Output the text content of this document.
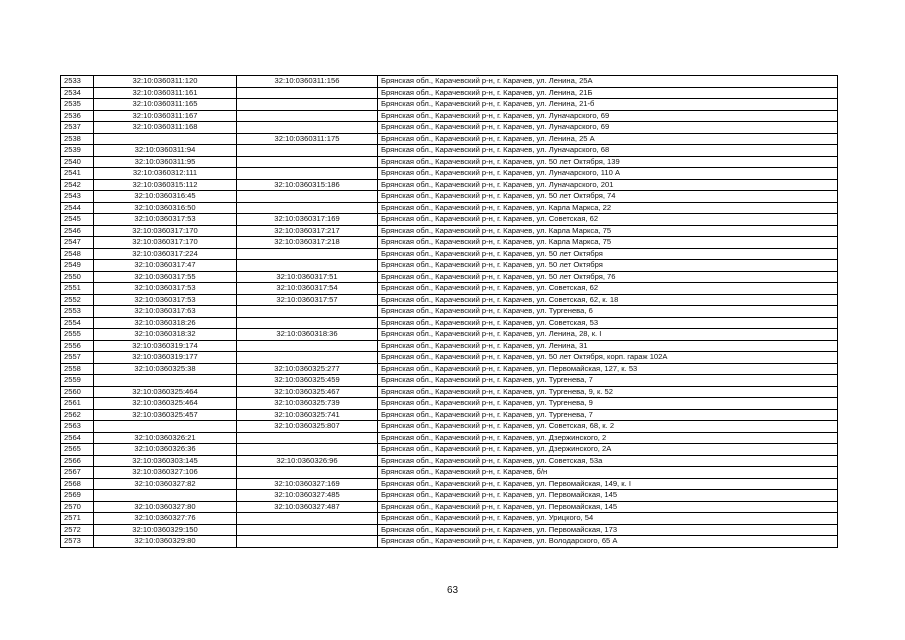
2533	32:10:0360311:120	32:10:0360311:156	Брянская обл., Карачевский р-н, г. Карачев, ул. Ленина, 25А
2534	32:10:0360311:161		Брянская обл., Карачевский р-н, г. Карачев, ул. Ленина, 21Б
2535	32:10:0360311:165		Брянская обл., Карачевский р-н, г. Карачев, ул. Ленина, 21-б
2536	32:10:0360311:167		Брянская обл., Карачевский р-н, г. Карачев, ул. Луначарского, 69
2537	32:10:0360311:168		Брянская обл., Карачевский р-н, г. Карачев, ул. Луначарского, 69
2538		32:10:0360311:175	Брянская обл., Карачевский р-н, г. Карачев, ул. Ленина, 25 А
2539	32:10:0360311:94		Брянская обл., Карачевский р-н, г. Карачев, ул. Луначарского, 68
2540	32:10:0360311:95		Брянская обл., Карачевский р-н, г. Карачев, ул. 50 лет Октября, 139
2541	32:10:0360312:111		Брянская обл., Карачевский р-н, г. Карачев, ул. Луначарского, 110 А
2542	32:10:0360315:112	32:10:0360315:186	Брянская обл., Карачевский р-н, г. Карачев, ул. Луначарского, 201
2543	32:10:0360316:45		Брянская обл., Карачевский р-н, г. Карачев, ул. 50 лет Октября, 74
2544	32:10:0360316:50		Брянская обл., Карачевский р-н, г. Карачев, ул. Карла Маркса, 22
2545	32:10:0360317:53	32:10:0360317:169	Брянская обл., Карачевский р-н, г. Карачев, ул. Советская, 62
2546	32:10:0360317:170	32:10:0360317:217	Брянская обл., Карачевский р-н, г. Карачев, ул. Карла Маркса, 75
2547	32:10:0360317:170	32:10:0360317:218	Брянская обл., Карачевский р-н, г. Карачев, ул. Карла Маркса, 75
2548	32:10:0360317:224		Брянская обл., Карачевский р-н, г. Карачев, ул. 50 лет Октября
2549	32:10:0360317:47		Брянская обл., Карачевский р-н, г. Карачев, ул. 50 лет Октября
2550	32:10:0360317:55	32:10:0360317:51	Брянская обл., Карачевский р-н, г. Карачев, ул. 50 лет Октября, 76
2551	32:10:0360317:53	32:10:0360317:54	Брянская обл., Карачевский р-н, г. Карачев, ул. Советская, 62
2552	32:10:0360317:53	32:10:0360317:57	Брянская обл., Карачевский р-н, г. Карачев, ул. Советская, 62, к. 18
2553	32:10:0360317:63		Брянская обл., Карачевский р-н, г. Карачев, ул. Тургенева, 6
2554	32:10:0360318:26		Брянская обл., Карачевский р-н, г. Карачев, ул. Советская, 53
2555	32:10:0360318:32	32:10:0360318:36	Брянская обл., Карачевский р-н, г. Карачев, ул. Ленина, 28, к. I
2556	32:10:0360319:174		Брянская обл., Карачевский р-н, г. Карачев, ул. Ленина, 31
2557	32:10:0360319:177		Брянская обл., Карачевский р-н, г. Карачев, ул. 50 лет Октября, корп. гараж 102А
2558	32:10:0360325:38	32:10:0360325:277	Брянская обл., Карачевский р-н, г. Карачев, ул. Первомайская, 127, к. 53
2559		32:10:0360325:459	Брянская обл., Карачевский р-н, г. Карачев, ул. Тургенева, 7
2560	32:10:0360325:464	32:10:0360325:467	Брянская обл., Карачевский р-н, г. Карачев, ул. Тургенева, 9, к. 52
2561	32:10:0360325:464	32:10:0360325:739	Брянская обл., Карачевский р-н, г. Карачев, ул. Тургенева, 9
2562	32:10:0360325:457	32:10:0360325:741	Брянская обл., Карачевский р-н, г. Карачев, ул. Тургенева, 7
2563		32:10:0360325:807	Брянская обл., Карачевский р-н, г. Карачев, ул. Советская, 68, к. 2
2564	32:10:0360326:21		Брянская обл., Карачевский р-н, г. Карачев, ул. Дзержинского, 2
2565	32:10:0360326:36		Брянская обл., Карачевский р-н, г. Карачев, ул. Дзержинского, 2А
2566	32:10:0360303:145	32:10:0360326:96	Брянская обл., Карачевский р-н, г. Карачев, ул. Советская, 53а
2567	32:10:0360327:106		Брянская обл., Карачевский р-н, г. Карачев, б/н
2568	32:10:0360327:82	32:10:0360327:169	Брянская обл., Карачевский р-н, г. Карачев, ул. Первомайская, 149, к. I
2569		32:10:0360327:485	Брянская обл., Карачевский р-н, г. Карачев, ул. Первомайская, 145
2570	32:10:0360327:80	32:10:0360327:487	Брянская обл., Карачевский р-н, г. Карачев, ул. Первомайская, 145
2571	32:10:0360327:76		Брянская обл., Карачевский р-н, г. Карачев, ул. Урицкого, 54
2572	32:10:0360329:150		Брянская обл., Карачевский р-н, г. Карачев, ул. Первомайская, 173
2573	32:10:0360329:80		Брянская обл., Карачевский р-н, г. Карачев, ул. Володарского, 65 А
63
